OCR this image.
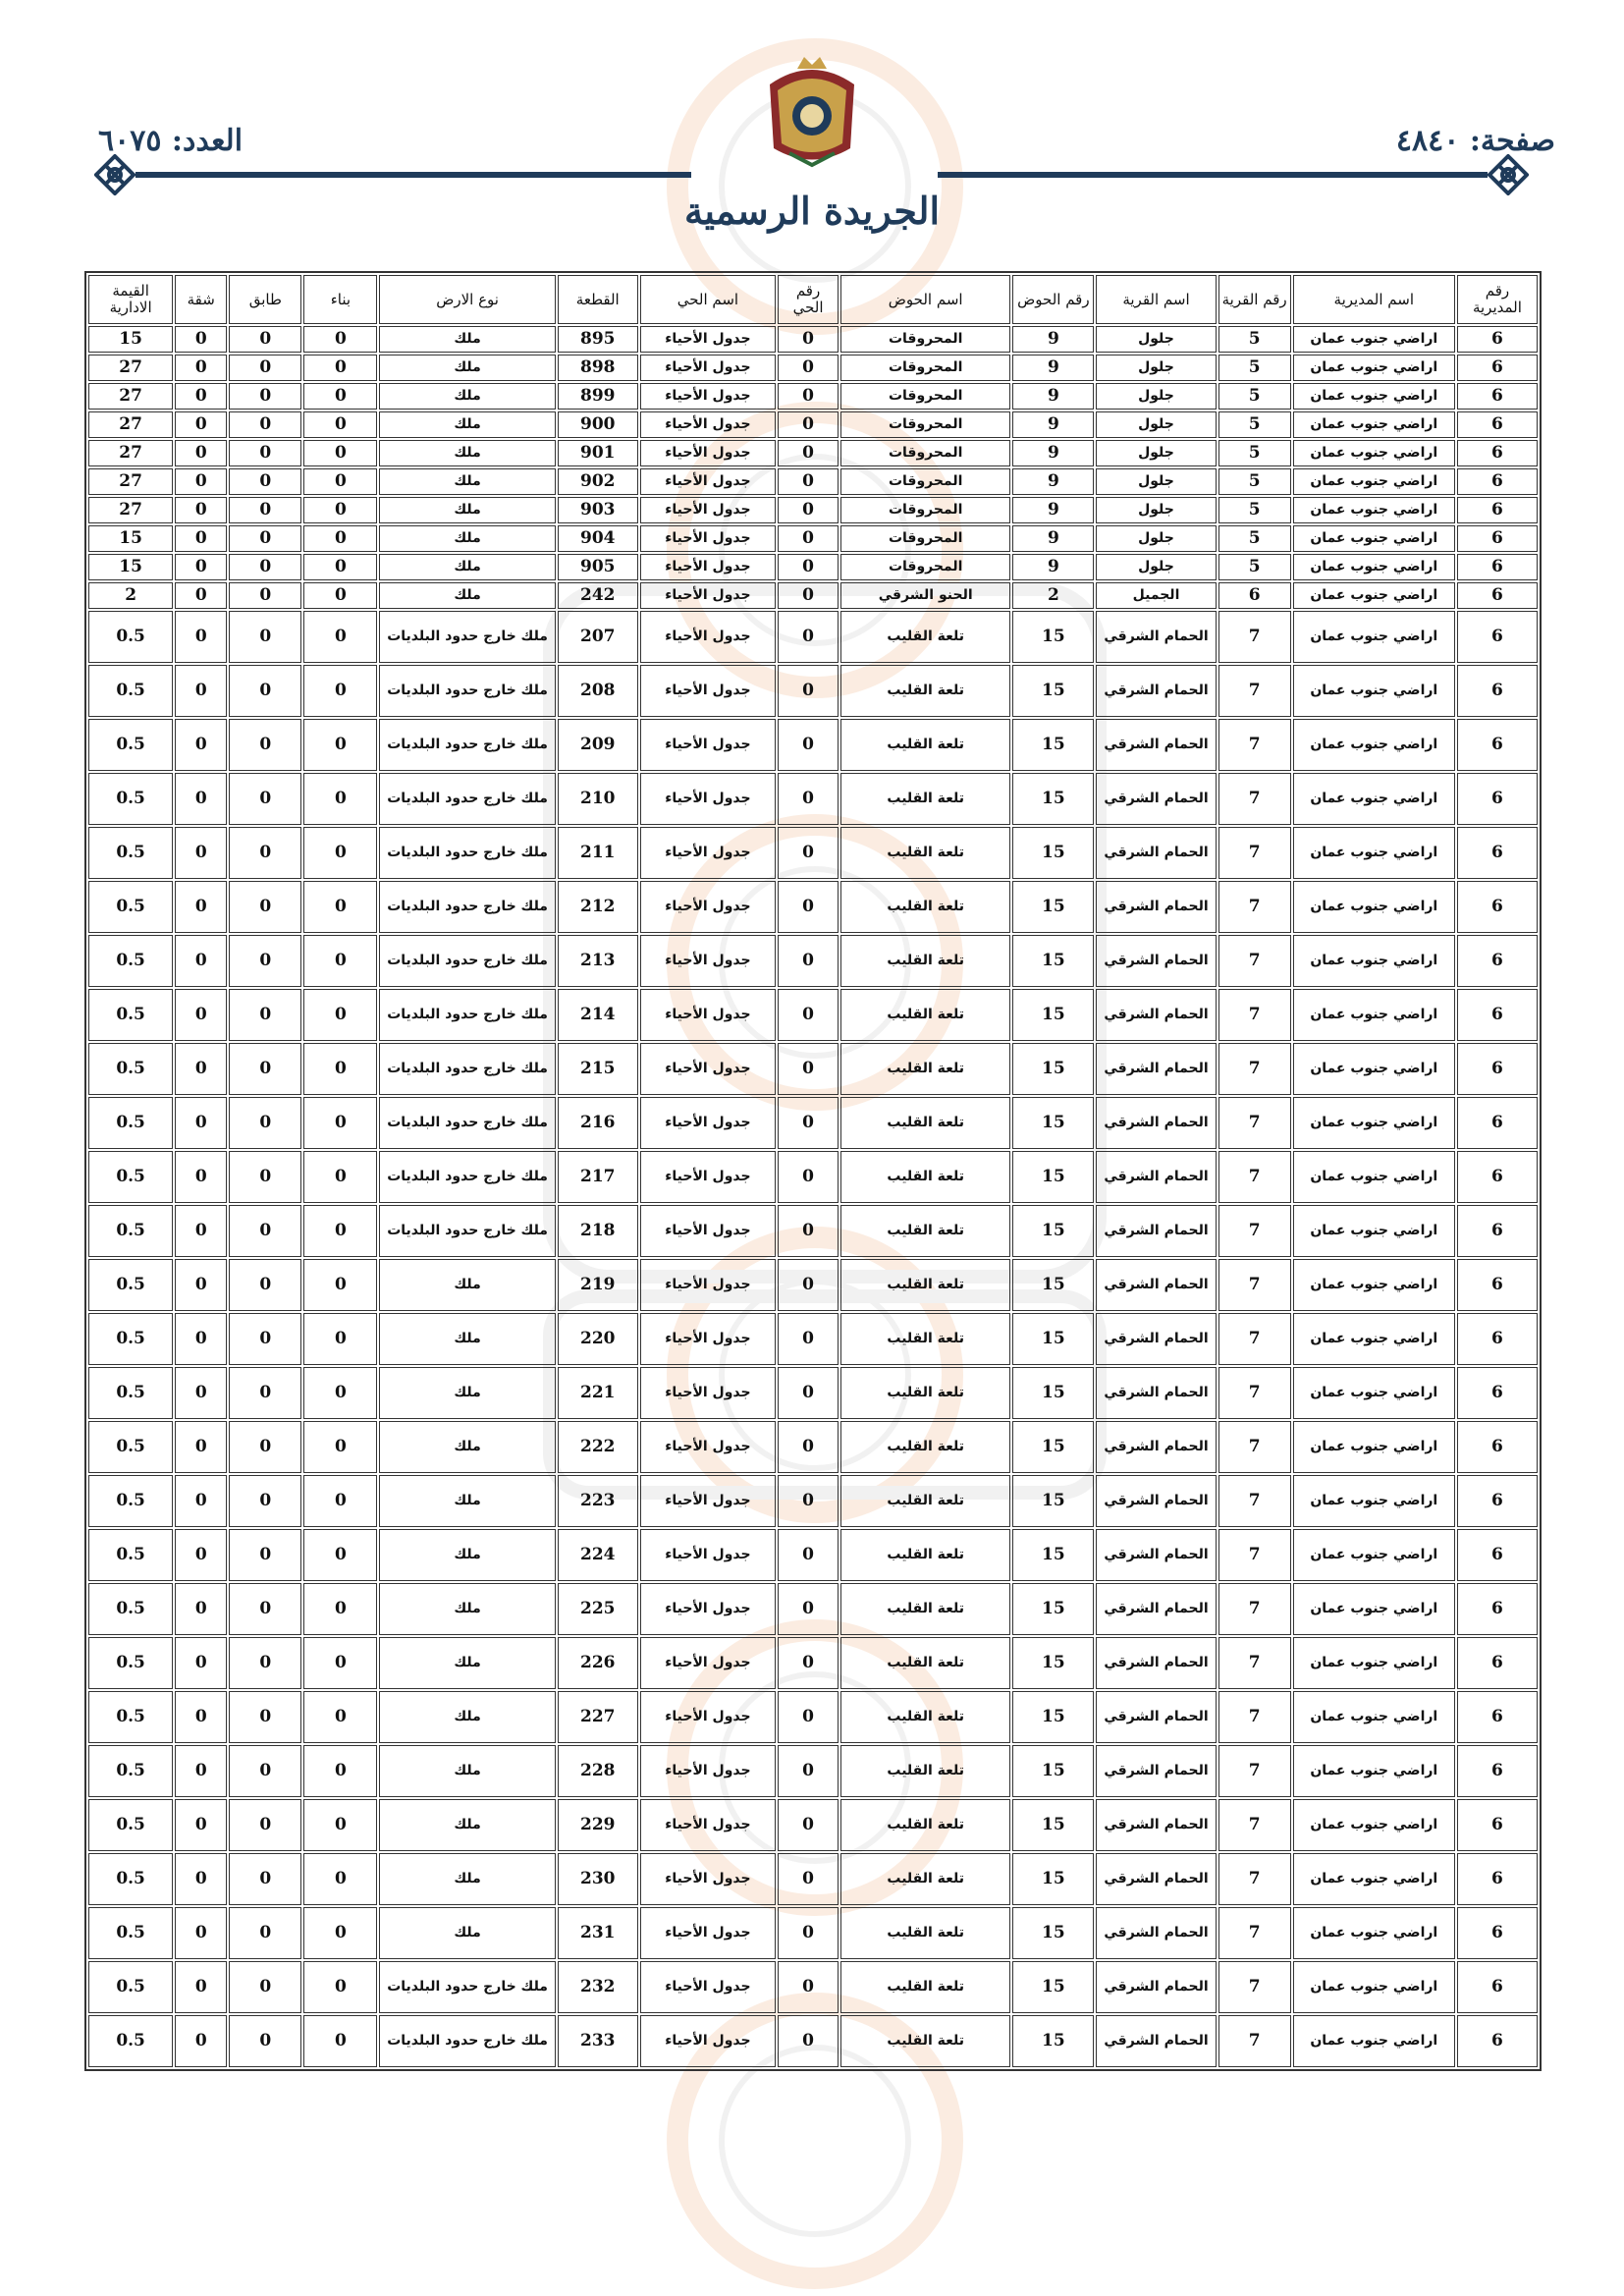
صفحة: ٤٨٤٠
العدد: ٦٠٧٥
الجريدة الرسمية
رقم المديرية	اسم المديرية	رقم القرية	اسم القرية	رقم الحوض	اسم الحوض	رقم الحي	اسم الحي	القطعة	نوع الارض	بناء	طابق	شقة	القيمة الادارية
6	اراضي جنوب عمان	5	جلول	9	المحروقات	0	جدول الأحياء	895	ملك	0	0	0	15
6	اراضي جنوب عمان	5	جلول	9	المحروقات	0	جدول الأحياء	898	ملك	0	0	0	27
6	اراضي جنوب عمان	5	جلول	9	المحروقات	0	جدول الأحياء	899	ملك	0	0	0	27
6	اراضي جنوب عمان	5	جلول	9	المحروقات	0	جدول الأحياء	900	ملك	0	0	0	27
6	اراضي جنوب عمان	5	جلول	9	المحروقات	0	جدول الأحياء	901	ملك	0	0	0	27
6	اراضي جنوب عمان	5	جلول	9	المحروقات	0	جدول الأحياء	902	ملك	0	0	0	27
6	اراضي جنوب عمان	5	جلول	9	المحروقات	0	جدول الأحياء	903	ملك	0	0	0	27
6	اراضي جنوب عمان	5	جلول	9	المحروقات	0	جدول الأحياء	904	ملك	0	0	0	15
6	اراضي جنوب عمان	5	جلول	9	المحروقات	0	جدول الأحياء	905	ملك	0	0	0	15
6	اراضي جنوب عمان	6	الجميل	2	الحنو الشرقي	0	جدول الأحياء	242	ملك	0	0	0	2
6	اراضي جنوب عمان	7	الحمام الشرقي	15	تلعة القليب	0	جدول الأحياء	207	ملك خارج حدود البلديات	0	0	0	0.5
6	اراضي جنوب عمان	7	الحمام الشرقي	15	تلعة القليب	0	جدول الأحياء	208	ملك خارج حدود البلديات	0	0	0	0.5
6	اراضي جنوب عمان	7	الحمام الشرقي	15	تلعة القليب	0	جدول الأحياء	209	ملك خارج حدود البلديات	0	0	0	0.5
6	اراضي جنوب عمان	7	الحمام الشرقي	15	تلعة القليب	0	جدول الأحياء	210	ملك خارج حدود البلديات	0	0	0	0.5
6	اراضي جنوب عمان	7	الحمام الشرقي	15	تلعة القليب	0	جدول الأحياء	211	ملك خارج حدود البلديات	0	0	0	0.5
6	اراضي جنوب عمان	7	الحمام الشرقي	15	تلعة القليب	0	جدول الأحياء	212	ملك خارج حدود البلديات	0	0	0	0.5
6	اراضي جنوب عمان	7	الحمام الشرقي	15	تلعة القليب	0	جدول الأحياء	213	ملك خارج حدود البلديات	0	0	0	0.5
6	اراضي جنوب عمان	7	الحمام الشرقي	15	تلعة القليب	0	جدول الأحياء	214	ملك خارج حدود البلديات	0	0	0	0.5
6	اراضي جنوب عمان	7	الحمام الشرقي	15	تلعة القليب	0	جدول الأحياء	215	ملك خارج حدود البلديات	0	0	0	0.5
6	اراضي جنوب عمان	7	الحمام الشرقي	15	تلعة القليب	0	جدول الأحياء	216	ملك خارج حدود البلديات	0	0	0	0.5
6	اراضي جنوب عمان	7	الحمام الشرقي	15	تلعة القليب	0	جدول الأحياء	217	ملك خارج حدود البلديات	0	0	0	0.5
6	اراضي جنوب عمان	7	الحمام الشرقي	15	تلعة القليب	0	جدول الأحياء	218	ملك خارج حدود البلديات	0	0	0	0.5
6	اراضي جنوب عمان	7	الحمام الشرقي	15	تلعة القليب	0	جدول الأحياء	219	ملك	0	0	0	0.5
6	اراضي جنوب عمان	7	الحمام الشرقي	15	تلعة القليب	0	جدول الأحياء	220	ملك	0	0	0	0.5
6	اراضي جنوب عمان	7	الحمام الشرقي	15	تلعة القليب	0	جدول الأحياء	221	ملك	0	0	0	0.5
6	اراضي جنوب عمان	7	الحمام الشرقي	15	تلعة القليب	0	جدول الأحياء	222	ملك	0	0	0	0.5
6	اراضي جنوب عمان	7	الحمام الشرقي	15	تلعة القليب	0	جدول الأحياء	223	ملك	0	0	0	0.5
6	اراضي جنوب عمان	7	الحمام الشرقي	15	تلعة القليب	0	جدول الأحياء	224	ملك	0	0	0	0.5
6	اراضي جنوب عمان	7	الحمام الشرقي	15	تلعة القليب	0	جدول الأحياء	225	ملك	0	0	0	0.5
6	اراضي جنوب عمان	7	الحمام الشرقي	15	تلعة القليب	0	جدول الأحياء	226	ملك	0	0	0	0.5
6	اراضي جنوب عمان	7	الحمام الشرقي	15	تلعة القليب	0	جدول الأحياء	227	ملك	0	0	0	0.5
6	اراضي جنوب عمان	7	الحمام الشرقي	15	تلعة القليب	0	جدول الأحياء	228	ملك	0	0	0	0.5
6	اراضي جنوب عمان	7	الحمام الشرقي	15	تلعة القليب	0	جدول الأحياء	229	ملك	0	0	0	0.5
6	اراضي جنوب عمان	7	الحمام الشرقي	15	تلعة القليب	0	جدول الأحياء	230	ملك	0	0	0	0.5
6	اراضي جنوب عمان	7	الحمام الشرقي	15	تلعة القليب	0	جدول الأحياء	231	ملك	0	0	0	0.5
6	اراضي جنوب عمان	7	الحمام الشرقي	15	تلعة القليب	0	جدول الأحياء	232	ملك خارج حدود البلديات	0	0	0	0.5
6	اراضي جنوب عمان	7	الحمام الشرقي	15	تلعة القليب	0	جدول الأحياء	233	ملك خارج حدود البلديات	0	0	0	0.5
